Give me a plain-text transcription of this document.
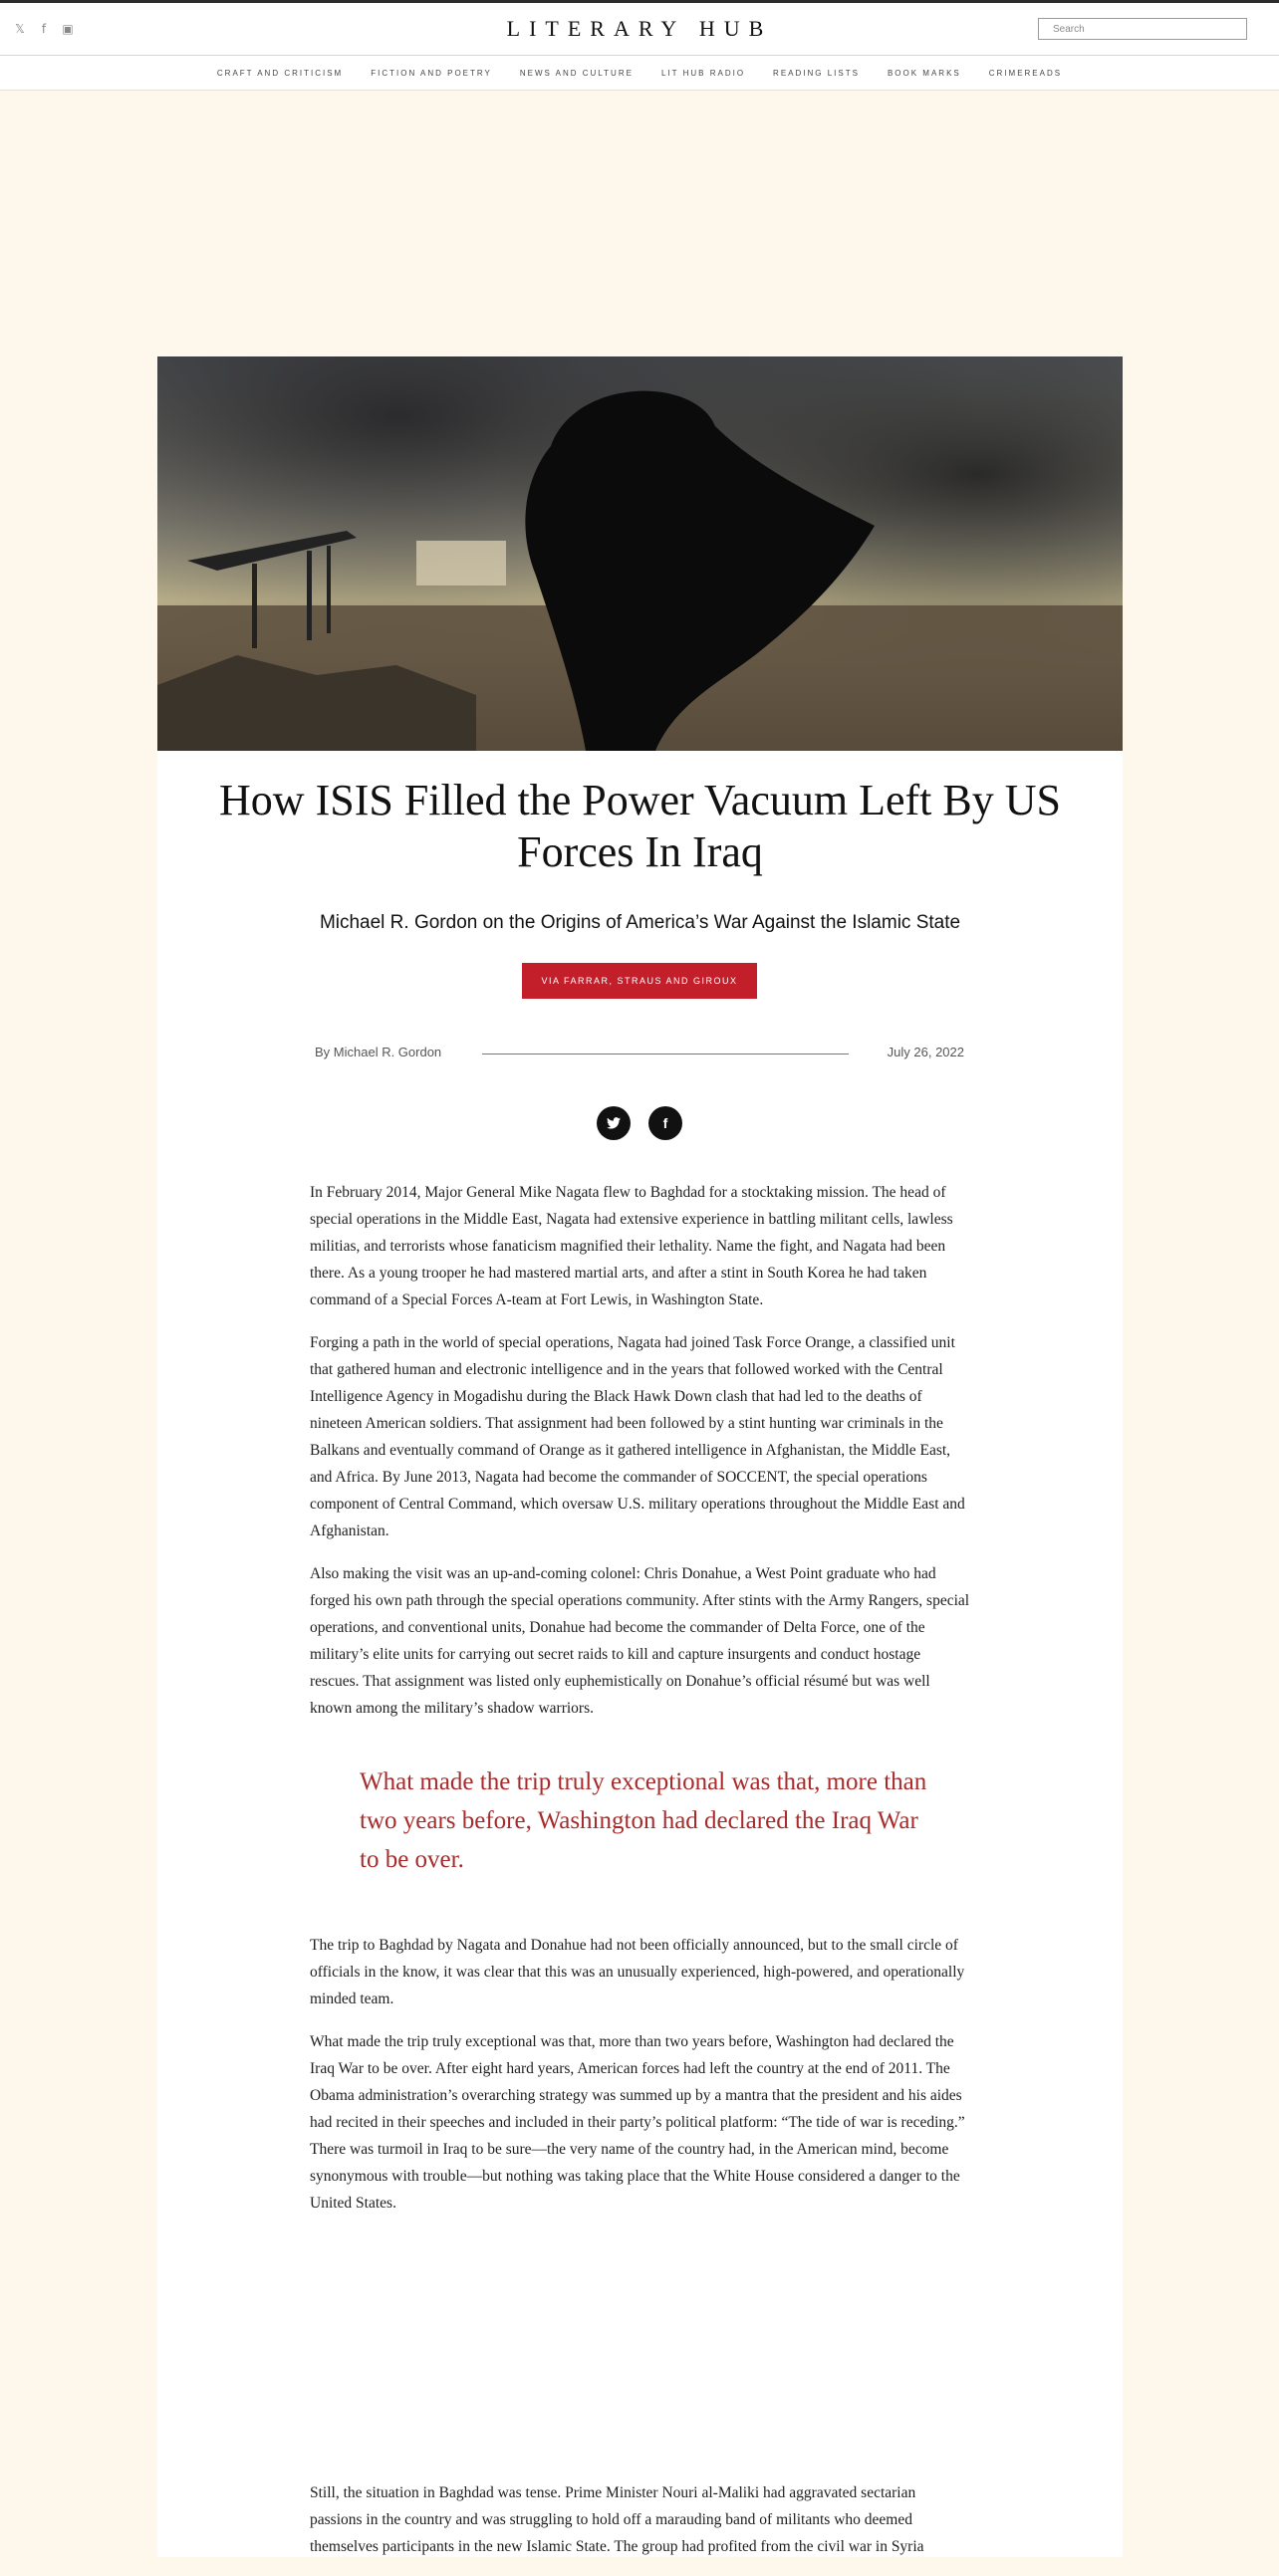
𝕏	f	▣	LITERARY HUB
Search
CRAFT AND CRITICISM	FICTION AND POETRY	NEWS AND CULTURE	LIT HUB RADIO	READING LISTS	BOOK MARKS	CRIMEREADS
How ISIS Filled the Power Vacuum Left By US Forces In Iraq

Michael R. Gordon on the Origins of America’s War Against the Islamic State

VIA FARRAR, STRAUS AND GIROUX
By Michael R. Gordon	July 26, 2022
f

In February 2014, Major General Mike Nagata flew to Baghdad for a stocktaking mission. The head of special operations in the Middle East, Nagata had extensive experience in battling militant cells, lawless militias, and terrorists whose fanaticism magnified their lethality. Name the fight, and Nagata had been there. As a young trooper he had mastered martial arts, and after a stint in South Korea he had taken command of a Special Forces A-team at Fort Lewis, in Washington State.

Forging a path in the world of special operations, Nagata had joined Task Force Orange, a classified unit that gathered human and electronic intelligence and in the years that followed worked with the Central Intelligence Agency in Mogadishu during the Black Hawk Down clash that had led to the deaths of nineteen American soldiers. That assignment had been followed by a stint hunting war criminals in the Balkans and eventually command of Orange as it gathered intelligence in Afghanistan, the Middle East, and Africa. By June 2013, Nagata had become the commander of SOCCENT, the special operations component of Central Command, which oversaw U.S. military operations throughout the Middle East and Afghanistan.

Also making the visit was an up-and-coming colonel: Chris Donahue, a West Point graduate who had forged his own path through the special operations community. After stints with the Army Rangers, special operations, and conventional units, Donahue had become the commander of Delta Force, one of the military’s elite units for carrying out secret raids to kill and capture insurgents and conduct hostage rescues. That assignment was listed only euphemistically on Donahue’s official résumé but was well known among the military’s shadow warriors.

What made the trip truly exceptional was that, more than two years before, Washington had declared the Iraq War to be over.

The trip to Baghdad by Nagata and Donahue had not been officially announced, but to the small circle of officials in the know, it was clear that this was an unusually experienced, high-powered, and operationally minded team.

What made the trip truly exceptional was that, more than two years before, Washington had declared the Iraq War to be over. After eight hard years, American forces had left the country at the end of 2011. The Obama administration’s overarching strategy was summed up by a mantra that the president and his aides had recited in their speeches and included in their party’s political platform: “The tide of war is receding.” There was turmoil in Iraq to be sure—the very name of the country had, in the American mind, become synonymous with trouble—but nothing was taking place that the White House considered a danger to the United States.

Still, the situation in Baghdad was tense. Prime Minister Nouri al-Maliki had aggravated sectarian passions in the country and was struggling to hold off a marauding band of militants who deemed themselves participants in the new Islamic State. The group had profited from the civil war in Syria
